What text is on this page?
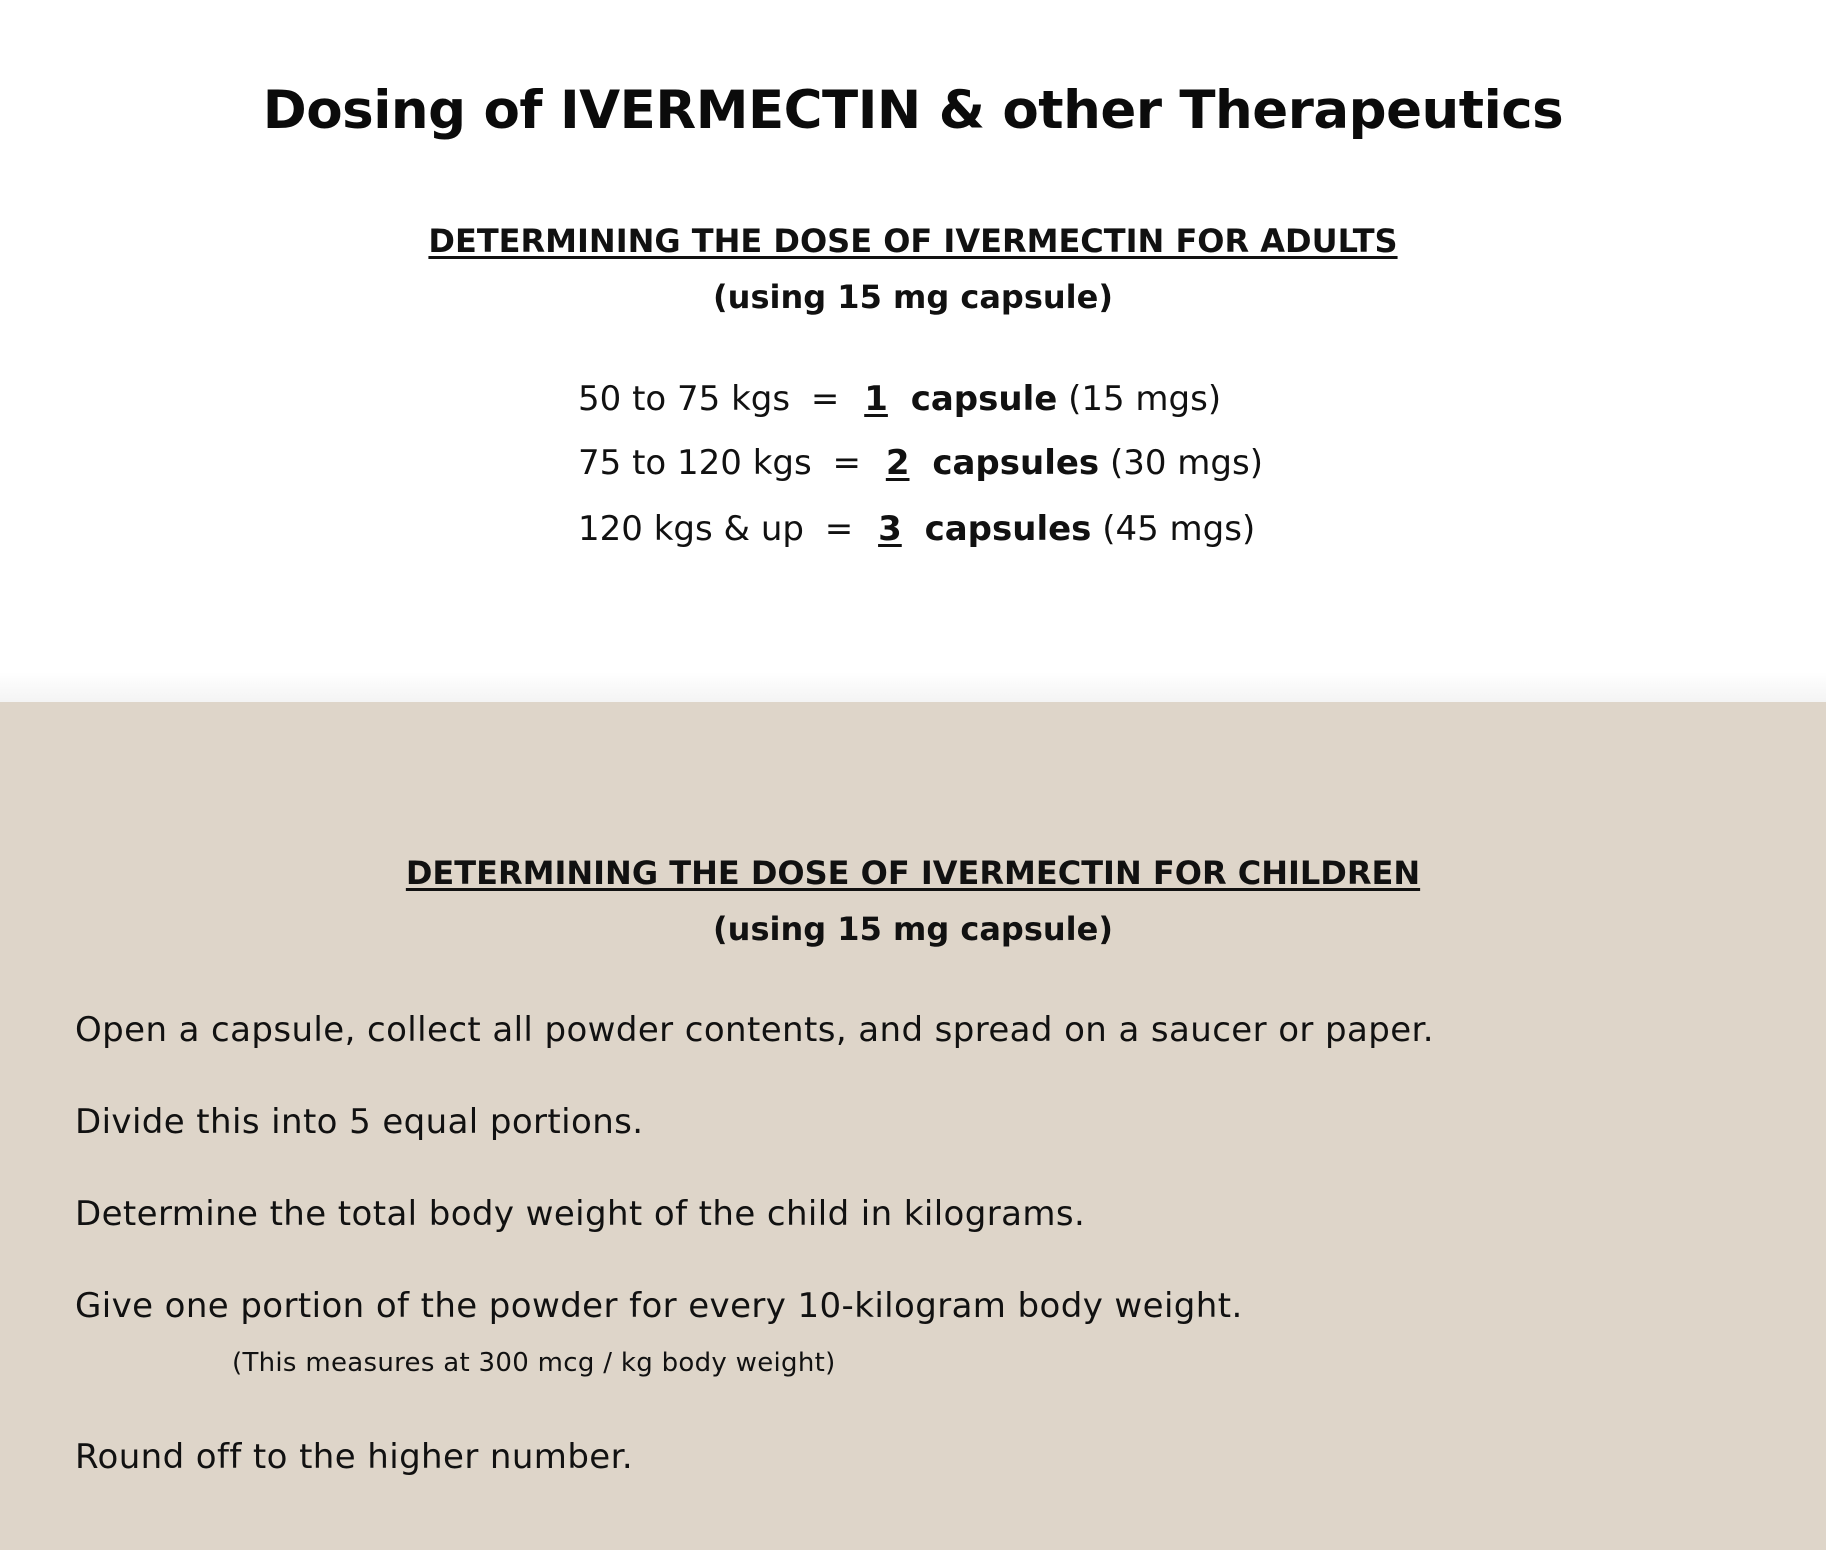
Dosing of IVERMECTIN & other Therapeutics

DETERMINING THE DOSE OF IVERMECTIN FOR ADULTS

(using 15 mg capsule)

50 to 75 kgs = 1 capsule (15 mgs)

75 to 120 kgs = 2 capsules (30 mgs)

120 kgs & up = 3 capsules (45 mgs)

DETERMINING THE DOSE OF IVERMECTIN FOR CHILDREN

(using 15 mg capsule)

Open a capsule, collect all powder contents, and spread on a saucer or paper.

Divide this into 5 equal portions.

Determine the total body weight of the child in kilograms.

Give one portion of the powder for every 10-kilogram body weight.

(This measures at 300 mcg / kg body weight)

Round off to the higher number.
